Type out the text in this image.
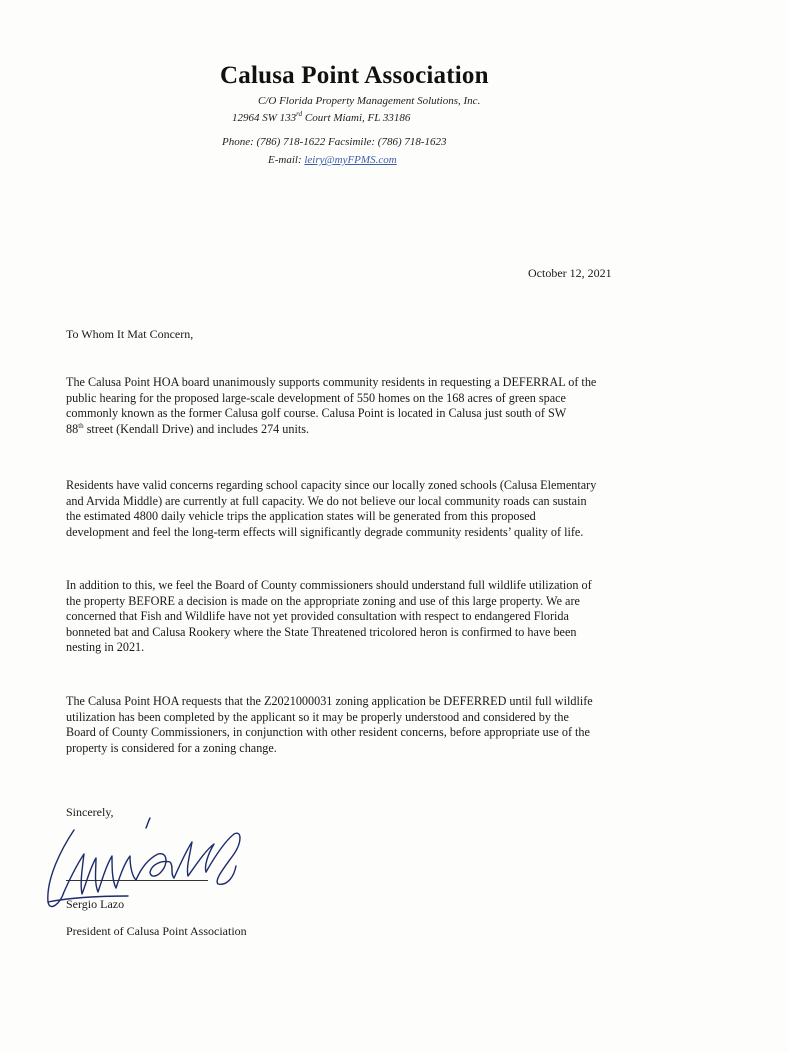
Calusa Point Association
C/O Florida Property Management Solutions, Inc.
12964 SW 133rd Court Miami, FL 33186
Phone: (786) 718-1622 Facsimile: (786) 718-1623
E-mail: leiry@myFPMS.com
October 12, 2021
To Whom It Mat Concern,
The Calusa Point HOA board unanimously supports community residents in requesting a DEFERRAL of the
public hearing for the proposed large-scale development of 550 homes on the 168 acres of green space
commonly known as the former Calusa golf course. Calusa Point is located in Calusa just south of SW
88th street (Kendall Drive) and includes 274 units.
Residents have valid concerns regarding school capacity since our locally zoned schools (Calusa Elementary
and Arvida Middle) are currently at full capacity. We do not believe our local community roads can sustain
the estimated 4800 daily vehicle trips the application states will be generated from this proposed
development and feel the long-term effects will significantly degrade community residents’ quality of life.
In addition to this, we feel the Board of County commissioners should understand full wildlife utilization of
the property BEFORE a decision is made on the appropriate zoning and use of this large property. We are
concerned that Fish and Wildlife have not yet provided consultation with respect to endangered Florida
bonneted bat and Calusa Rookery where the State Threatened tricolored heron is confirmed to have been
nesting in 2021.
The Calusa Point HOA requests that the Z2021000031 zoning application be DEFERRED until full wildlife
utilization has been completed by the applicant so it may be properly understood and considered by the
Board of County Commissioners, in conjunction with other resident concerns, before appropriate use of the
property is considered for a zoning change.
Sincerely,
Sergio Lazo
President of Calusa Point Association
